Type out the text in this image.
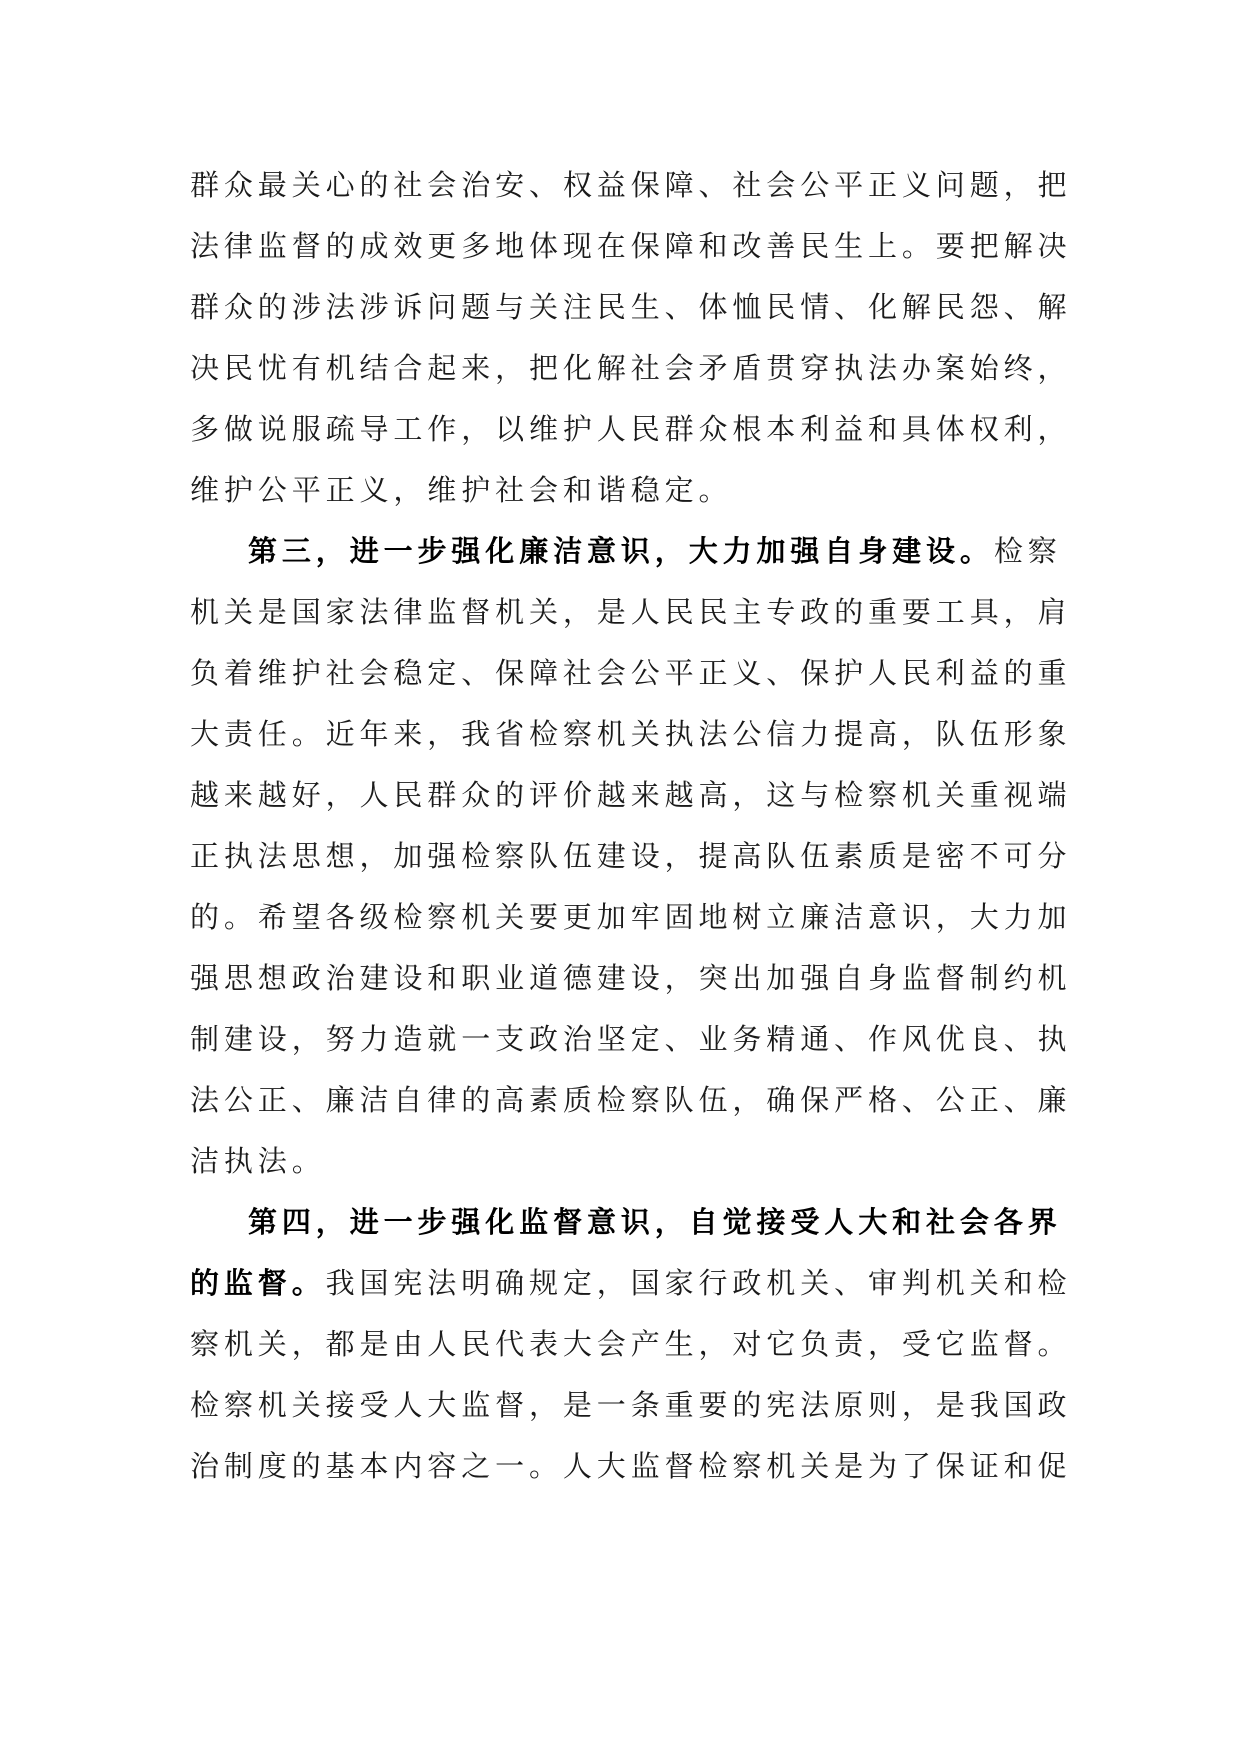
群众最关心的社会治安、权益保障、社会公平正义问题，把
法律监督的成效更多地体现在保障和改善民生上。要把解决
群众的涉法涉诉问题与关注民生、体恤民情、化解民怨、解
决民忧有机结合起来，把化解社会矛盾贯穿执法办案始终，
多做说服疏导工作，以维护人民群众根本利益和具体权利，
维护公平正义，维护社会和谐稳定。
第三，进一步强化廉洁意识，大力加强自身建设。检察
机关是国家法律监督机关，是人民民主专政的重要工具，肩
负着维护社会稳定、保障社会公平正义、保护人民利益的重
大责任。近年来，我省检察机关执法公信力提高，队伍形象
越来越好，人民群众的评价越来越高，这与检察机关重视端
正执法思想，加强检察队伍建设，提高队伍素质是密不可分
的。希望各级检察机关要更加牢固地树立廉洁意识，大力加
强思想政治建设和职业道德建设，突出加强自身监督制约机
制建设，努力造就一支政治坚定、业务精通、作风优良、执
法公正、廉洁自律的高素质检察队伍，确保严格、公正、廉
洁执法。
第四，进一步强化监督意识，自觉接受人大和社会各界
的监督。我国宪法明确规定，国家行政机关、审判机关和检
察机关，都是由人民代表大会产生，对它负责，受它监督。
检察机关接受人大监督，是一条重要的宪法原则，是我国政
治制度的基本内容之一。人大监督检察机关是为了保证和促
